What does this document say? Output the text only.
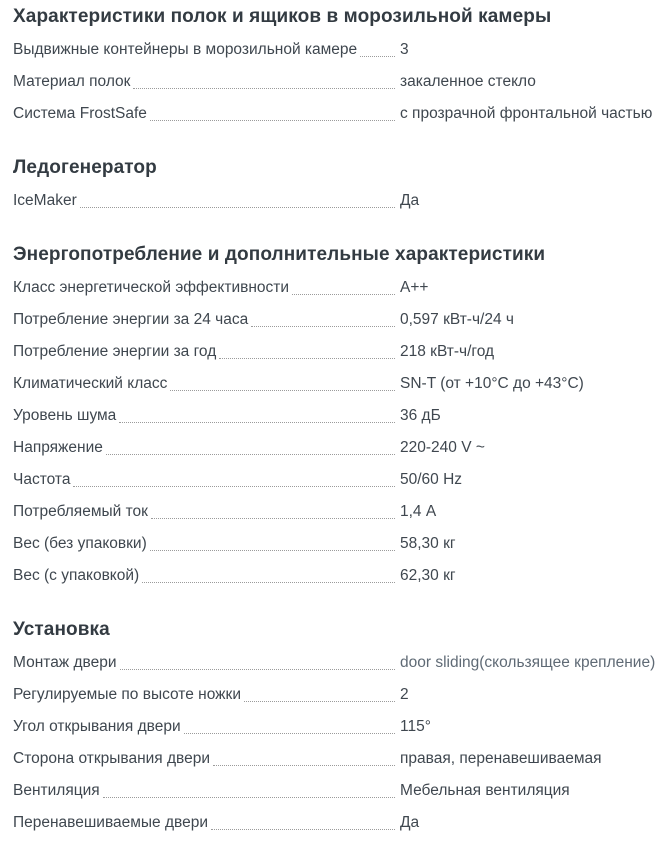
Характеристики полок и ящиков в морозильной камеры
Выдвижные контейнеры в морозильной камере	3
Материал полок	закаленное стекло
Система FrostSafe	с прозрачной фронтальной частью
Ледогенератор
IceMaker	Да
Энергопотребление и дополнительные характеристики
Класс энергетической эффективности	A++
Потребление энергии за 24 часа	0,597 кВт-ч/24 ч
Потребление энергии за год	218 кВт-ч/год
Климатический класс	SN-T (от +10°C до +43°C)
Уровень шума	36 дБ
Напряжение	220-240 V ~
Частота	50/60 Hz
Потребляемый ток	1,4 А
Вес (без упаковки)	58,30 кг
Вес (с упаковкой)	62,30 кг
Установка
Монтаж двери	door sliding(скользящее крепление)
Регулируемые по высоте ножки	2
Угол открывания двери	115°
Сторона открывания двери	правая, перенавешиваемая
Вентиляция	Мебельная вентиляция
Перенавешиваемые двери	Да
